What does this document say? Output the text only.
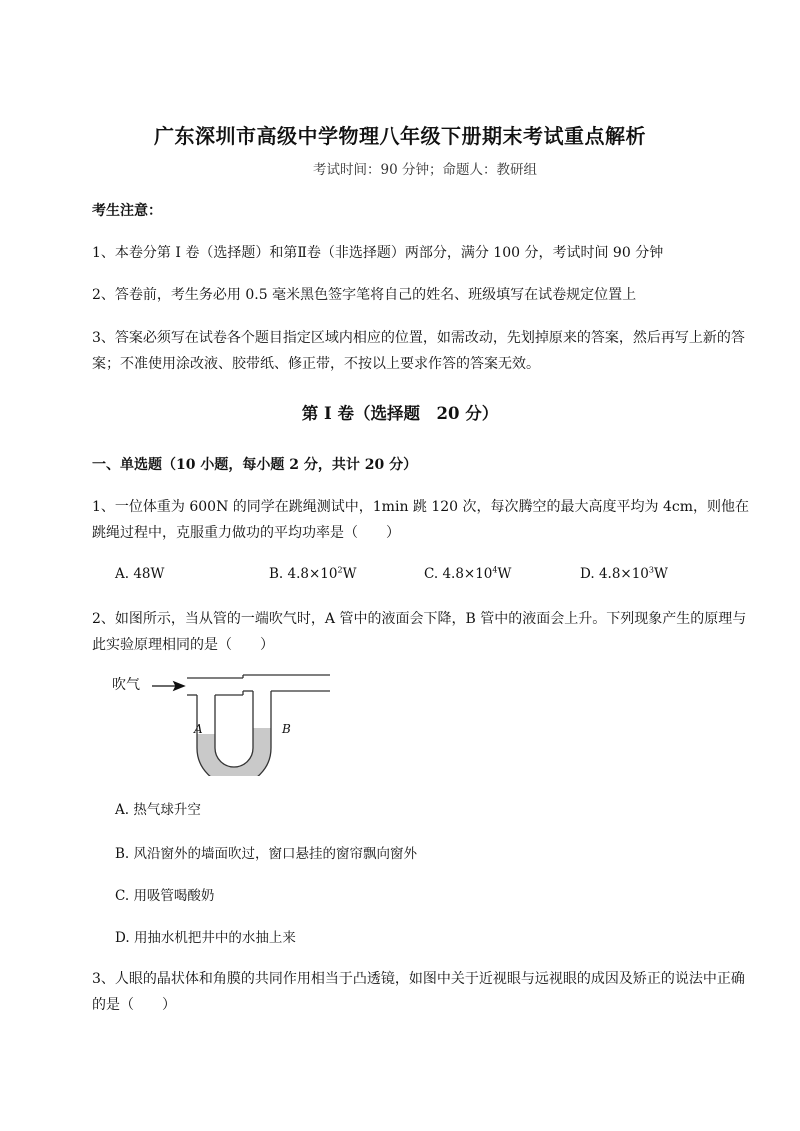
广东深圳市高级中学物理八年级下册期末考试重点解析
考试时间：90 分钟；命题人：教研组
考生注意：
1、本卷分第 I 卷（选择题）和第Ⅱ卷（非选择题）两部分，满分 100 分，考试时间 90 分钟
2、答卷前，考生务必用 0.5 毫米黑色签字笔将自己的姓名、班级填写在试卷规定位置上
3、答案必须写在试卷各个题目指定区域内相应的位置，如需改动，先划掉原来的答案，然后再写上新的答案；不准使用涂改液、胶带纸、修正带，不按以上要求作答的答案无效。
第 I 卷（选择题　20 分）
一、单选题（10 小题，每小题 2 分，共计 20 分）
1、一位体重为 600N 的同学在跳绳测试中，1min 跳 120 次，每次腾空的最大高度平均为 4cm，则他在跳绳过程中，克服重力做功的平均功率是（　　）
A. 48W	B. $4.8\times 10^2W$	C. $4.8\times 10^4W$	D. $4.8\times 10^3W$
2、如图所示，当从管的一端吹气时，A 管中的液面会下降，B 管中的液面会上升。下列现象产生的原理与此实验原理相同的是（　　）
吹气
A	B
A. 热气球升空
B. 风沿窗外的墙面吹过，窗口悬挂的窗帘飘向窗外
C. 用吸管喝酸奶
D. 用抽水机把井中的水抽上来
3、人眼的晶状体和角膜的共同作用相当于凸透镜，如图中关于近视眼与远视眼的成因及矫正的说法中正确的是（　　）
